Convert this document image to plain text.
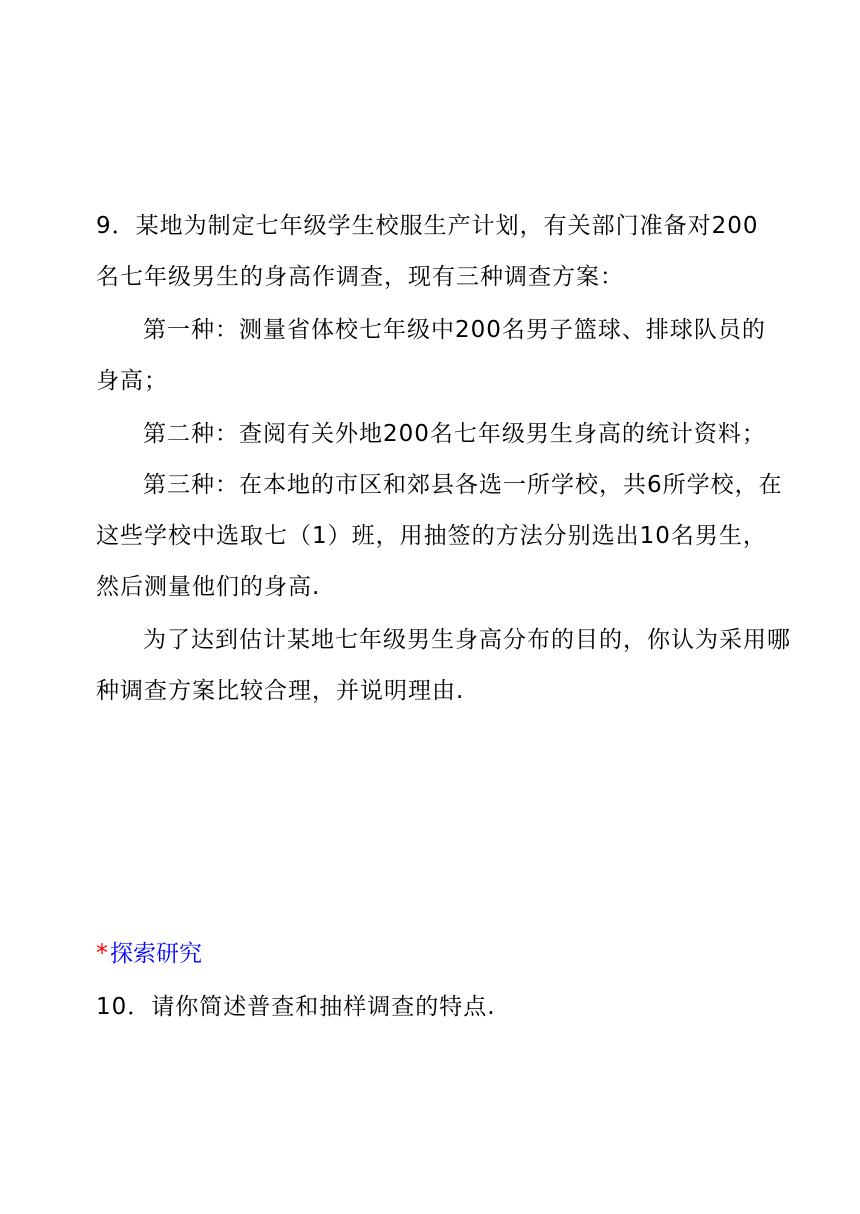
9．某地为制定七年级学生校服生产计划，有关部门准备对200
名七年级男生的身高作调查，现有三种调查方案：
第一种：测量省体校七年级中200名男子篮球、排球队员的
身高；
第二种：查阅有关外地200名七年级男生身高的统计资料；
第三种：在本地的市区和郊县各选一所学校，共6所学校，在
这些学校中选取七（1）班，用抽签的方法分别选出10名男生，
然后测量他们的身高.
为了达到估计某地七年级男生身高分布的目的，你认为采用哪
种调查方案比较合理，并说明理由.
*探索研究
10．请你简述普查和抽样调查的特点.
